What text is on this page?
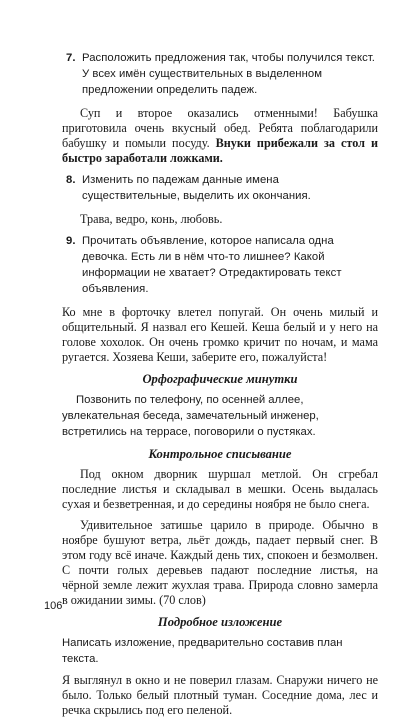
7. Расположить предложения так, чтобы получился текст. У всех имён существительных в выделенном предложении определить падеж.

Суп и второе оказались отменными! Бабушка приготовила очень вкусный обед. Ребята поблагодарили бабушку и помыли посуду. Внуки прибежали за стол и быстро заработали ложками.

8. Изменить по падежам данные имена существительные, выделить их окончания.

Трава, ведро, конь, любовь.

9. Прочитать объявление, которое написала одна девочка. Есть ли в нём что-то лишнее? Какой информации не хватает? Отредактировать текст объявления.

Ко мне в форточку влетел попугай. Он очень милый и общительный. Я назвал его Кешей. Кеша белый и у него на голове хохолок. Он очень громко кричит по ночам, и мама ругается. Хозяева Кеши, заберите его, пожалуйста!

Орфографические минутки

Позвонить по телефону, по осенней аллее, увлекательная беседа, замечательный инженер, встретились на террасе, поговорили о пустяках.

Контрольное списывание

Под окном дворник шуршал метлой. Он сгребал последние листья и складывал в мешки. Осень выдалась сухая и безветренная, и до середины ноября не было снега.

Удивительное затишье царило в природе. Обычно в ноябре бушуют ветра, льёт дождь, падает первый снег. В этом году всё иначе. Каждый день тих, спокоен и безмолвен. С почти голых деревьев падают последние листья, на чёрной земле лежит жухлая трава. Природа словно замерла в ожидании зимы. (70 слов)

Подробное изложение

Написать изложение, предварительно составив план текста.

Я выглянул в окно и не поверил глазам. Снаружи ничего не было. Только белый плотный туман. Соседние дома, лес и речка скрылись под его пеленой.

106
